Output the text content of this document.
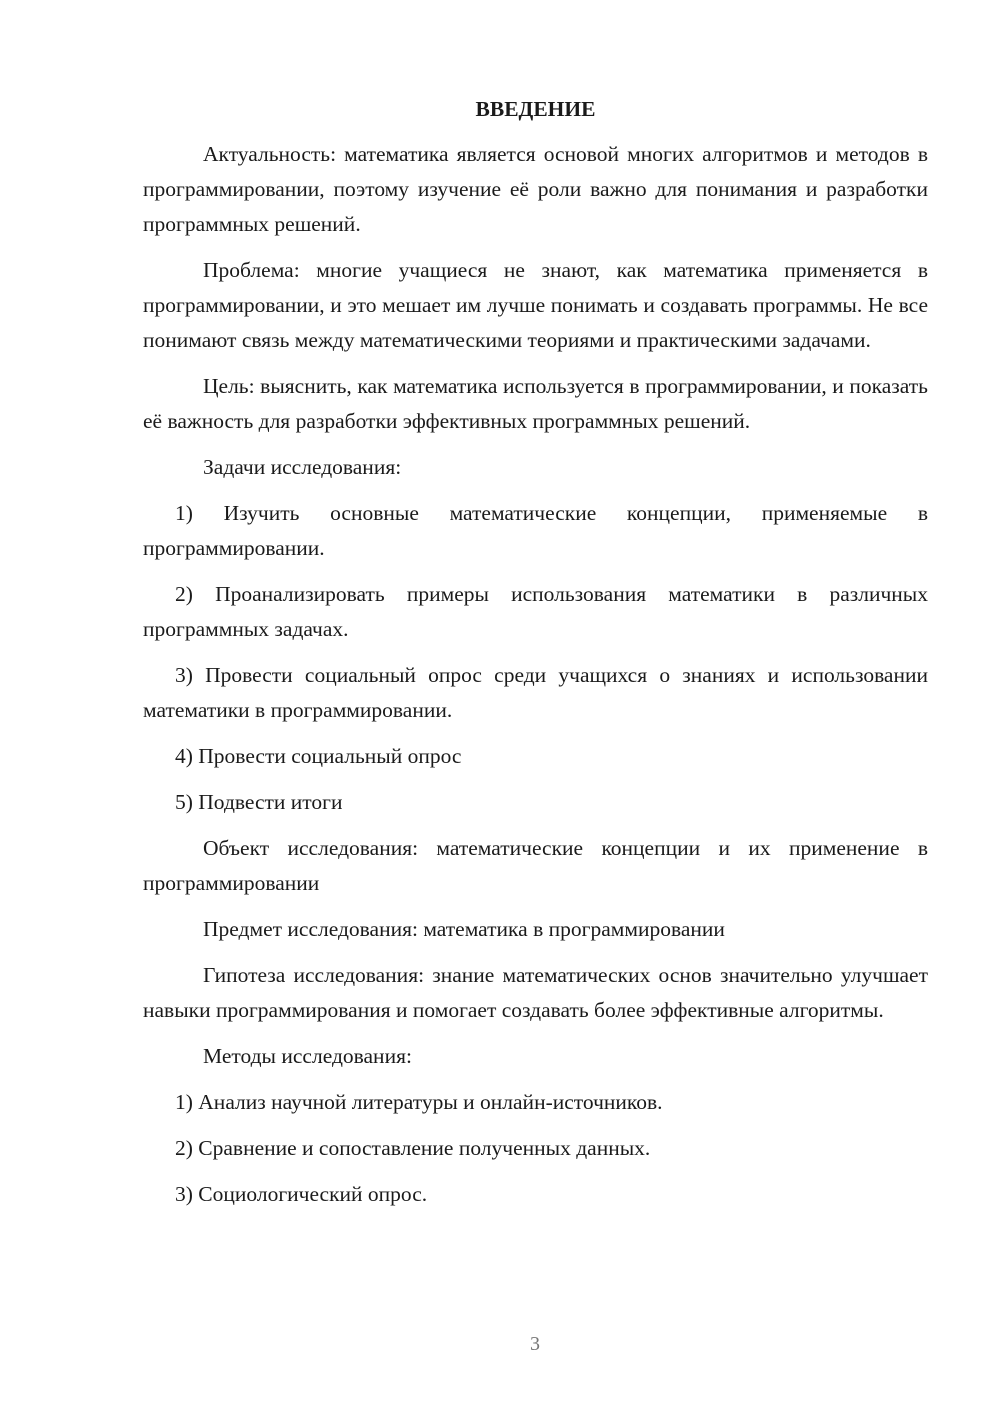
ВВЕДЕНИЕ

Актуальность: математика является основой многих алгоритмов и методов в программировании, поэтому изучение её роли важно для понимания и разработки программных решений.

Проблема: многие учащиеся не знают, как математика применяется в программировании, и это мешает им лучше понимать и создавать программы. Не все понимают связь между математическими теориями и практическими задачами.

Цель: выяснить, как математика используется в программировании, и показать её важность для разработки эффективных программных решений.

Задачи исследования:

1) Изучить основные математические концепции, применяемые в программировании.

2) Проанализировать примеры использования математики в различных программных задачах.

3) Провести социальный опрос среди учащихся о знаниях и использовании математики в программировании.

4) Провести социальный опрос

5) Подвести итоги

Объект исследования: математические концепции и их применение в программировании

Предмет исследования: математика в программировании

Гипотеза исследования: знание математических основ значительно улучшает навыки программирования и помогает создавать более эффективные алгоритмы.

Методы исследования:

1) Анализ научной литературы и онлайн-источников.

2) Сравнение и сопоставление полученных данных.

3) Социологический опрос.

3
